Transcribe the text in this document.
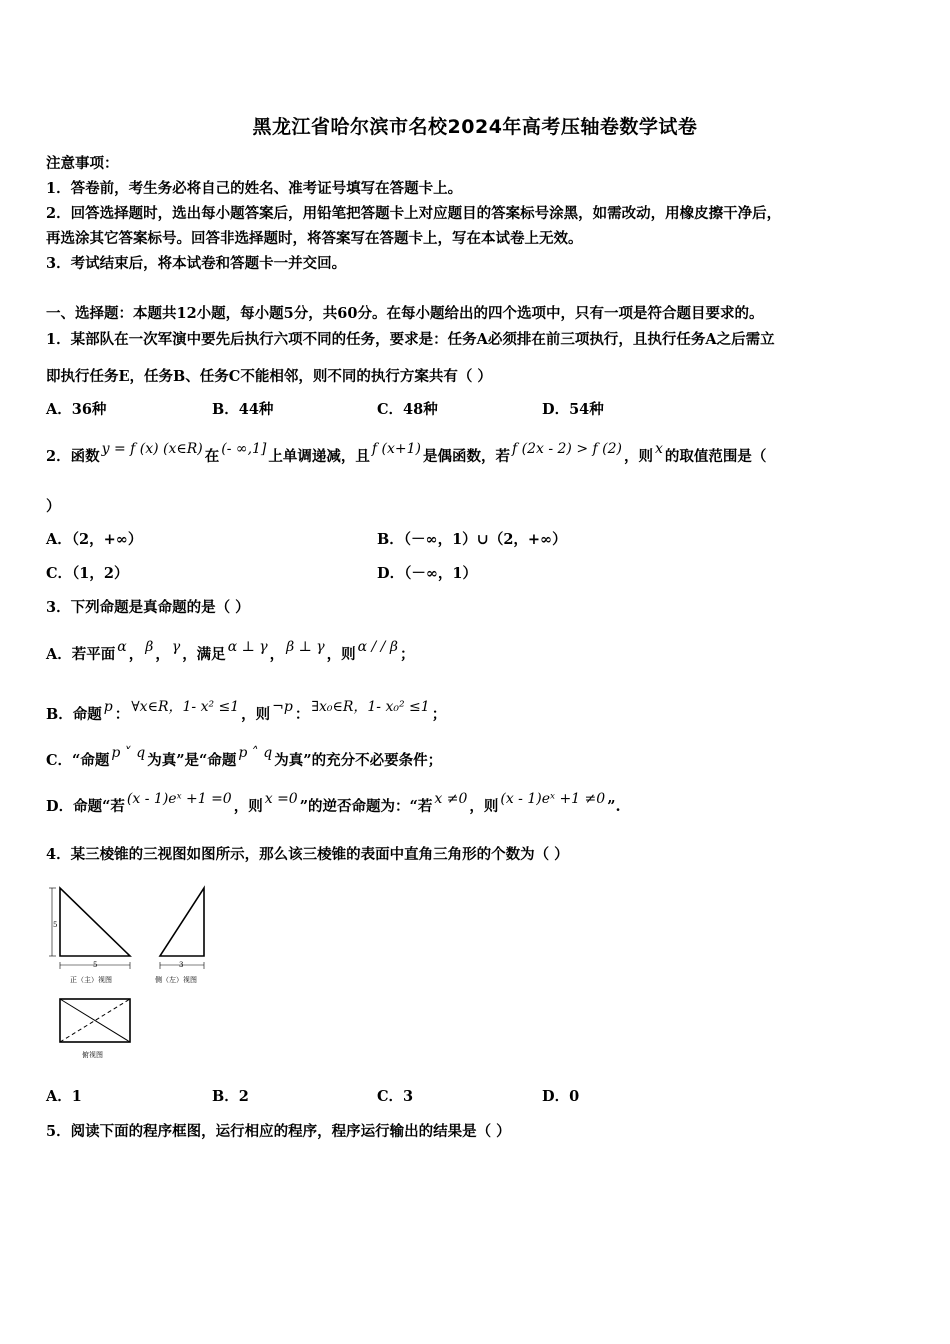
黑龙江省哈尔滨市名校2024年高考压轴卷数学试卷
注意事项：
1．答卷前，考生务必将自己的姓名、准考证号填写在答题卡上。
2．回答选择题时，选出每小题答案后，用铅笔把答题卡上对应题目的答案标号涂黑，如需改动，用橡皮擦干净后，
再选涂其它答案标号。回答非选择题时，将答案写在答题卡上，写在本试卷上无效。
3．考试结束后，将本试卷和答题卡一并交回。
一、选择题：本题共12小题，每小题5分，共60分。在每小题给出的四个选项中，只有一项是符合题目要求的。
1．某部队在一次军演中要先后执行六项不同的任务，要求是：任务A必须排在前三项执行，且执行任务A之后需立
即执行任务E，任务B、任务C不能相邻，则不同的执行方案共有（ ）
A．36种	B．44种	C．48种	D．54种
2．函数 y = f (x) (x∈R) 在 (- ∞,1] 上单调递减，且 f (x+1) 是偶函数，若 f (2x - 2) > f (2) ，则 x 的取值范围是（
）
A．（2，+∞）	B．（－∞，1）∪（2，+∞）
C．（1，2）	D．（－∞，1）
3．下列命题是真命题的是（ ）
A．若平面 α ， β ， γ ，满足 α ⊥ γ ， β ⊥ γ ，则 α / / β ；
B．命题 p ： ∀x∈R，1- x² ≤1 ，则 ¬p ： ∃x₀∈R，1- x₀² ≤1 ；
C．“命题 p ˅ q 为真”是“命题 p ˄ q 为真”的充分不必要条件；
D．命题“若 (x - 1)eˣ +1 =0 ，则 x =0 ”的逆否命题为：“若 x ≠0 ，则 (x - 1)eˣ +1 ≠0 ”.
4．某三棱锥的三视图如图所示，那么该三棱锥的表面中直角三角形的个数为（ ）
5
5
正（主）视图
3
侧（左）视图
俯视图
A．1	B．2	C．3	D．0
5．阅读下面的程序框图，运行相应的程序，程序运行输出的结果是（ ）
